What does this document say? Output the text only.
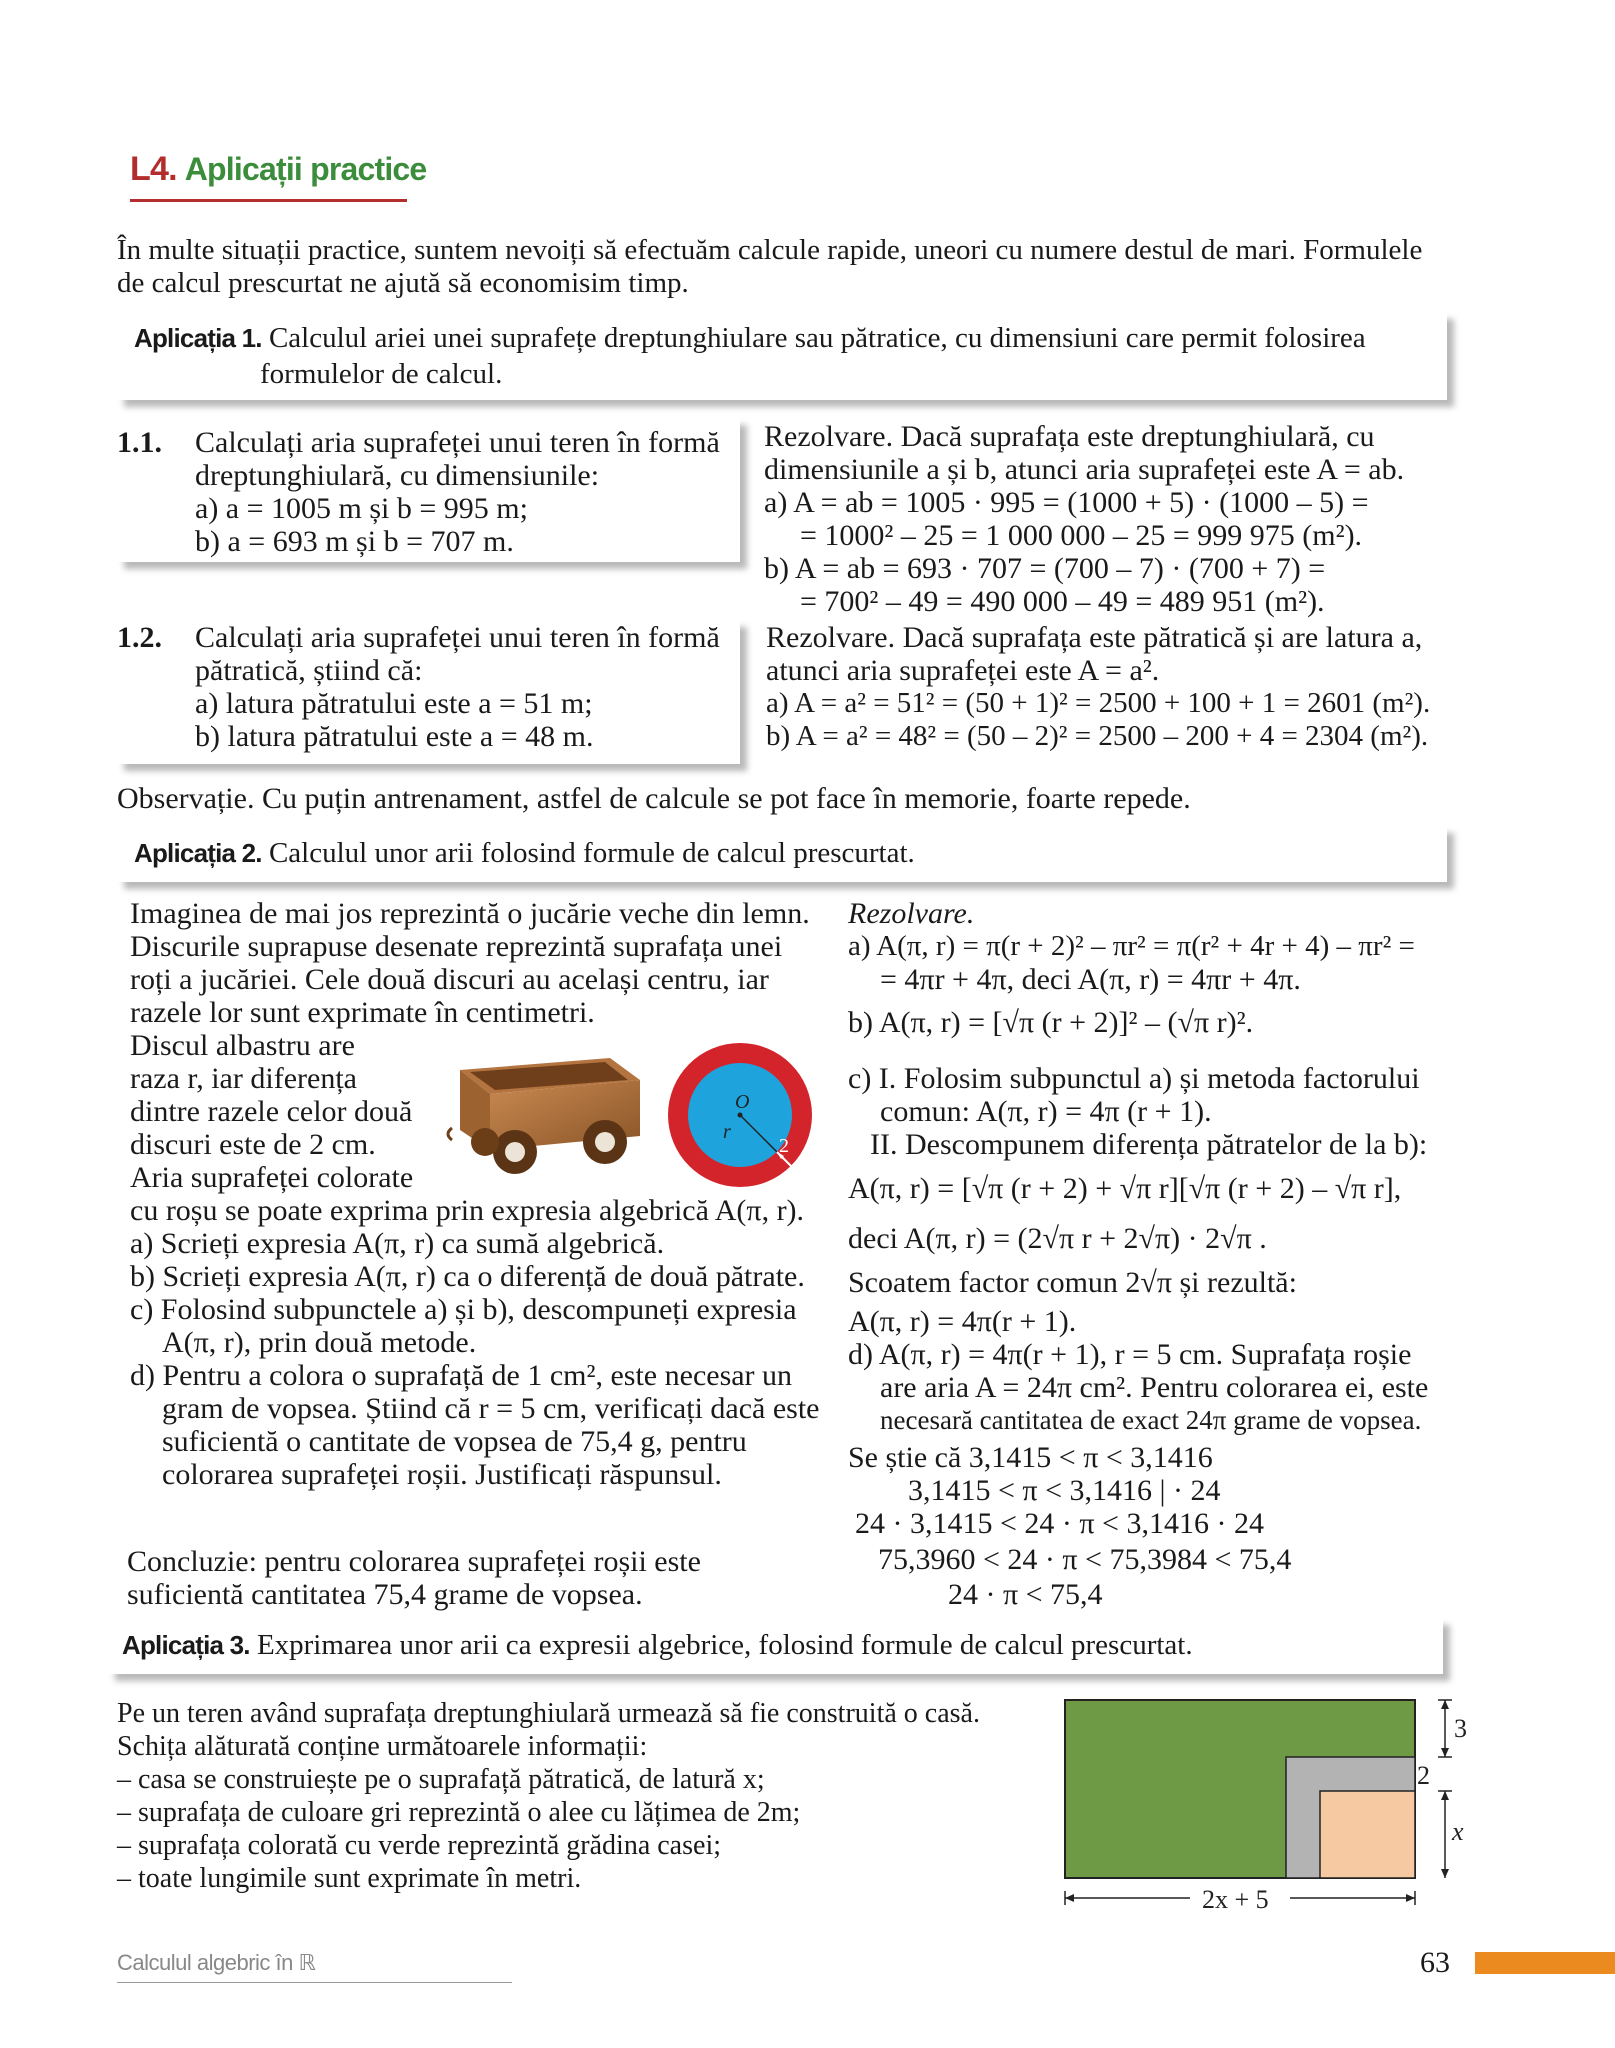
L4. Aplicații practice
În multe situații practice, suntem nevoiți să efectuăm calcule rapide, uneori cu numere destul de mari. Formulele
de calcul prescurtat ne ajută să economisim timp.
Aplicația 1. Calculul ariei unei suprafețe dreptunghiulare sau pătratice, cu dimensiuni care permit folosirea
formulelor de calcul.
1.1. Calculați aria suprafeței unui teren în formă
dreptunghiulară, cu dimensiunile:
a) a = 1005 m și b = 995 m;
b) a = 693 m și b = 707 m.
Rezolvare. Dacă suprafața este dreptunghiulară, cu
dimensiunile a și b, atunci aria suprafeței este A = ab.
a) A = ab = 1005 · 995 = (1000 + 5) · (1000 – 5) =
= 1000² – 25 = 1 000 000 – 25 = 999 975 (m²).
b) A = ab = 693 · 707 = (700 – 7) · (700 + 7) =
= 700² – 49 = 490 000 – 49 = 489 951 (m²).
1.2. Calculați aria suprafeței unui teren în formă
pătratică, știind că:
a) latura pătratului este a = 51 m;
b) latura pătratului este a = 48 m.
Rezolvare. Dacă suprafața este pătratică și are latura a,
atunci aria suprafeței este A = a².
a) A = a² = 51² = (50 + 1)² = 2500 + 100 + 1 = 2601 (m²).
b) A = a² = 48² = (50 – 2)² = 2500 – 200 + 4 = 2304 (m²).
Observație. Cu puțin antrenament, astfel de calcule se pot face în memorie, foarte repede.
Aplicația 2. Calculul unor arii folosind formule de calcul prescurtat.
Imaginea de mai jos reprezintă o jucărie veche din lemn.
Discurile suprapuse desenate reprezintă suprafața unei
roți a jucăriei. Cele două discuri au același centru, iar
razele lor sunt exprimate în centimetri.
Discul albastru are
raza r, iar diferența
dintre razele celor două
discuri este de 2 cm.
Aria suprafeței colorate
cu roșu se poate exprima prin expresia algebrică A(π, r).
a) Scrieți expresia A(π, r) ca sumă algebrică.
b) Scrieți expresia A(π, r) ca o diferență de două pătrate.
c) Folosind subpunctele a) și b), descompuneți expresia
A(π, r), prin două metode.
d) Pentru a colora o suprafață de 1 cm², este necesar un
gram de vopsea. Știind că r = 5 cm, verificați dacă este
suficientă o cantitate de vopsea de 75,4 g, pentru
colorarea suprafeței roșii. Justificați răspunsul.
O
r
2
Concluzie: pentru colorarea suprafeței roșii este
suficientă cantitatea 75,4 grame de vopsea.
Rezolvare.
a) A(π, r) = π(r + 2)² – πr² = π(r² + 4r + 4) – πr² =
= 4πr + 4π, deci A(π, r) = 4πr + 4π.
b) A(π, r) = [√π (r + 2)]² – (√π r)².
c) I. Folosim subpunctul a) și metoda factorului
comun: A(π, r) = 4π (r + 1).
II. Descompunem diferența pătratelor de la b):
A(π, r) = [√π (r + 2) + √π r][√π (r + 2) – √π r],
deci A(π, r) = (2√π r + 2√π) · 2√π .
Scoatem factor comun 2√π și rezultă:
A(π, r) = 4π(r + 1).
d) A(π, r) = 4π(r + 1), r = 5 cm. Suprafața roșie
are aria A = 24π cm². Pentru colorarea ei, este
necesară cantitatea de exact 24π grame de vopsea.
Se știe că 3,1415 < π < 3,1416
3,1415 < π < 3,1416 | · 24
24 · 3,1415 < 24 · π < 3,1416 · 24
75,3960 < 24 · π < 75,3984 < 75,4
24 · π < 75,4
Aplicația 3. Exprimarea unor arii ca expresii algebrice, folosind formule de calcul prescurtat.
Pe un teren având suprafața dreptunghiulară urmează să fie construită o casă.
Schița alăturată conține următoarele informații:
– casa se construiește pe o suprafață pătratică, de latură x;
– suprafața de culoare gri reprezintă o alee cu lățimea de 2m;
– suprafața colorată cu verde reprezintă grădina casei;
– toate lungimile sunt exprimate în metri.
3
2
x
2x + 5
Calculul algebric în ℝ	63
